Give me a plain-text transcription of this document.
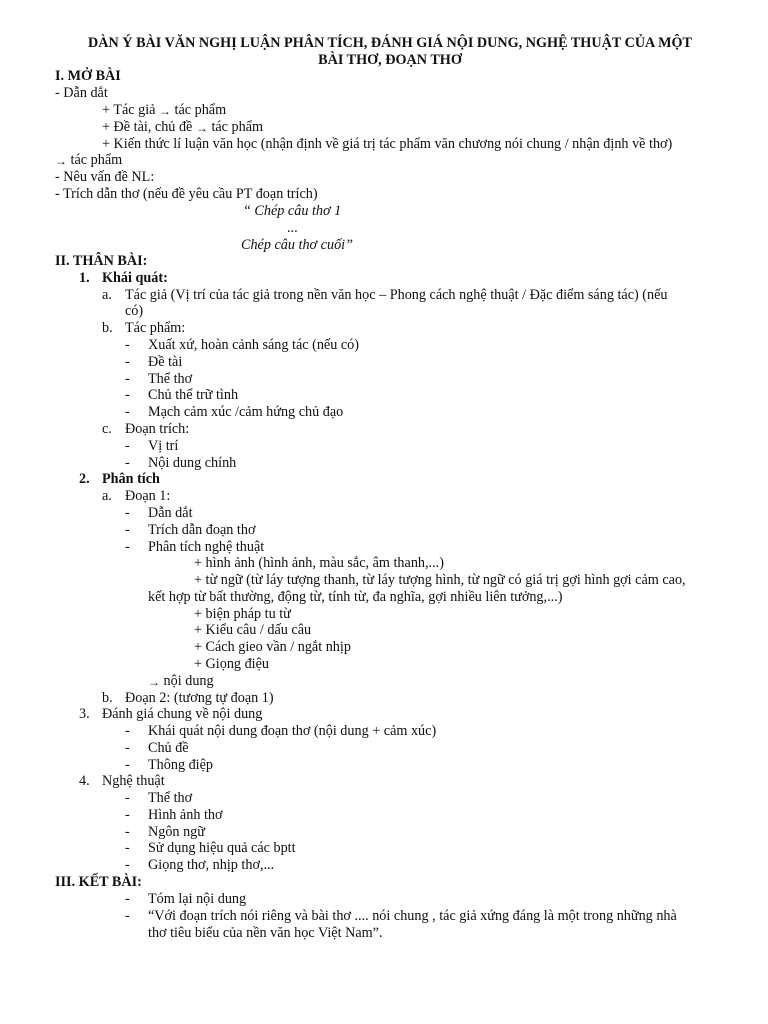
DÀN Ý BÀI VĂN NGHỊ LUẬN PHÂN TÍCH, ĐÁNH GIÁ NỘI DUNG, NGHỆ THUẬT CỦA MỘT
BÀI THƠ, ĐOẠN THƠ
I. MỞ BÀI
- Dẫn dắt
+ Tác giả → tác phẩm
+ Đề tài, chủ đề → tác phẩm
+ Kiến thức lí luận văn học (nhận định về giá trị tác phẩm văn chương nói chung / nhận định về thơ)
→ tác phẩm
- Nêu vấn đề NL:
- Trích dẫn thơ (nếu đề yêu cầu PT đoạn trích)
“ Chép câu thơ 1
...
Chép câu thơ cuối”
II. THÂN BÀI:
1. Khái quát:
a. Tác giả (Vị trí của tác giả trong nền văn học – Phong cách nghệ thuật / Đặc điểm sáng tác) (nếu
có)
b. Tác phẩm:
- Xuất xứ, hoàn cảnh sáng tác (nếu có)
- Đề tài
- Thể thơ
- Chủ thể trữ tình
- Mạch cảm xúc /cảm hứng chủ đạo
c. Đoạn trích:
- Vị trí
- Nội dung chính
2. Phân tích
a. Đoạn 1:
- Dẫn dắt
- Trích dẫn đoạn thơ
- Phân tích nghệ thuật
+ hình ảnh (hình ảnh, màu sắc, âm thanh,...)
+ từ ngữ (từ láy tượng thanh, từ láy tượng hình, từ ngữ có giá trị gợi hình gợi cảm cao,
kết hợp từ bất thường, động từ, tính từ, đa nghĩa, gợi nhiều liên tưởng,...)
+ biện pháp tu từ
+ Kiểu câu / dấu câu
+ Cách gieo vần / ngắt nhịp
+ Giọng điệu
→ nội dung
b. Đoạn 2: (tương tự đoạn 1)
3. Đánh giá chung về nội dung
- Khái quát nội dung đoạn thơ (nội dung + cảm xúc)
- Chủ đề
- Thông điệp
4. Nghệ thuật
- Thể thơ
- Hình ảnh thơ
- Ngôn ngữ
- Sử dụng hiệu quả các bptt
- Giọng thơ, nhịp thơ,...
III. KẾT BÀI:
- Tóm lại nội dung
- “Với đoạn trích nói riêng và bài thơ .... nói chung , tác giả xứng đáng là một trong những nhà
thơ tiêu biểu của nền văn học Việt Nam”.
